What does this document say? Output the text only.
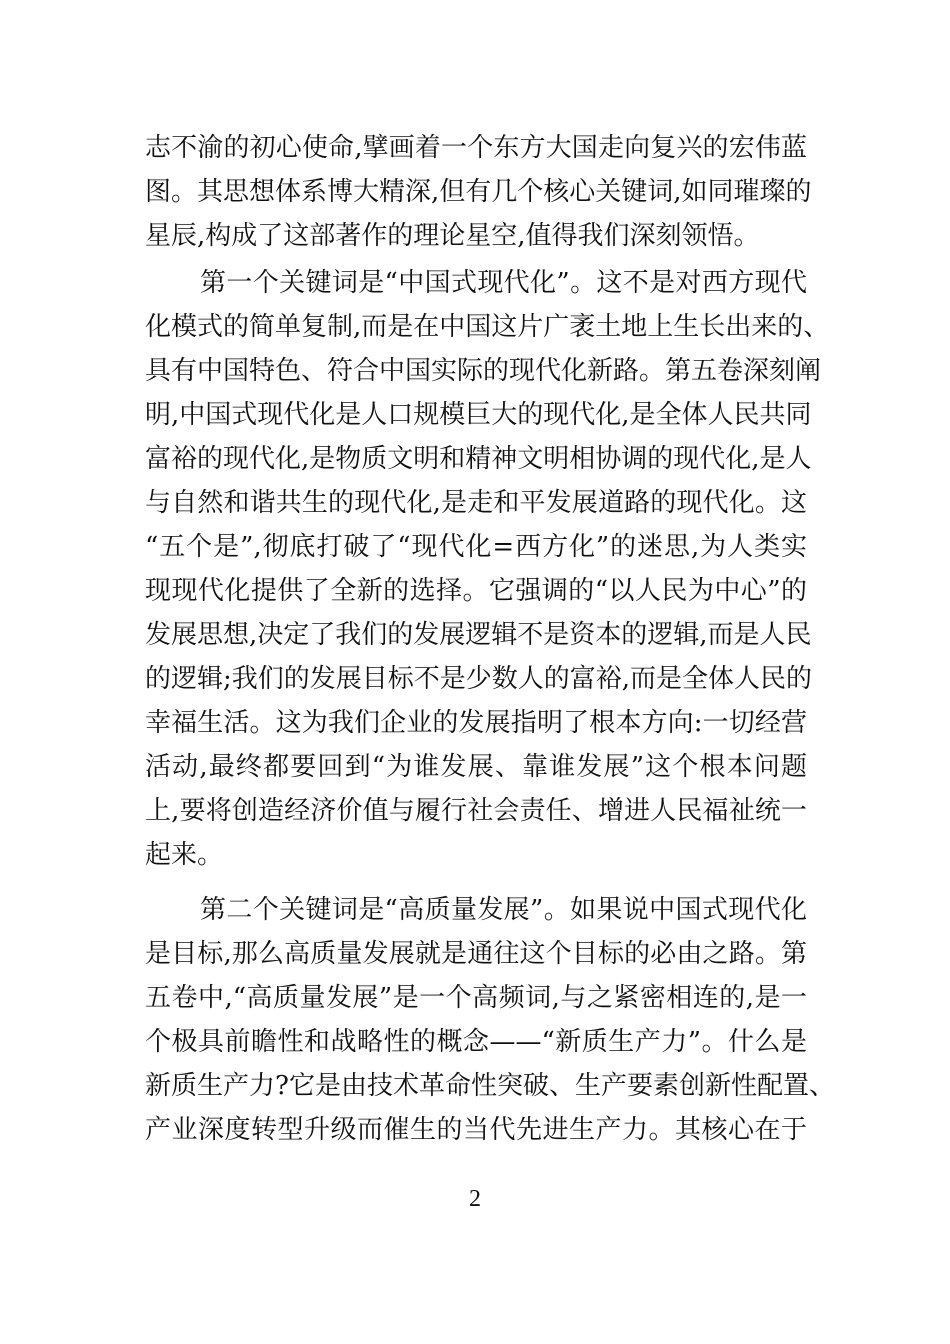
志不渝的初心使命,擘画着一个东方大国走向复兴的宏伟蓝
图。其思想体系博大精深,但有几个核心关键词,如同璀璨的
星辰,构成了这部著作的理论星空,值得我们深刻领悟。
第一个关键词是“中国式现代化”。这不是对西方现代
化模式的简单复制,而是在中国这片广袤土地上生长出来的、
具有中国特色、符合中国实际的现代化新路。第五卷深刻阐
明,中国式现代化是人口规模巨大的现代化,是全体人民共同
富裕的现代化,是物质文明和精神文明相协调的现代化,是人
与自然和谐共生的现代化,是走和平发展道路的现代化。这
“五个是”,彻底打破了“现代化=西方化”的迷思,为人类实
现现代化提供了全新的选择。它强调的“以人民为中心”的
发展思想,决定了我们的发展逻辑不是资本的逻辑,而是人民
的逻辑;我们的发展目标不是少数人的富裕,而是全体人民的
幸福生活。这为我们企业的发展指明了根本方向:一切经营
活动,最终都要回到“为谁发展、靠谁发展”这个根本问题
上,要将创造经济价值与履行社会责任、增进人民福祉统一
起来。
第二个关键词是“高质量发展”。如果说中国式现代化
是目标,那么高质量发展就是通往这个目标的必由之路。第
五卷中,“高质量发展”是一个高频词,与之紧密相连的,是一
个极具前瞻性和战略性的概念——“新质生产力”。什么是
新质生产力?它是由技术革命性突破、生产要素创新性配置、
产业深度转型升级而催生的当代先进生产力。其核心在于
2
